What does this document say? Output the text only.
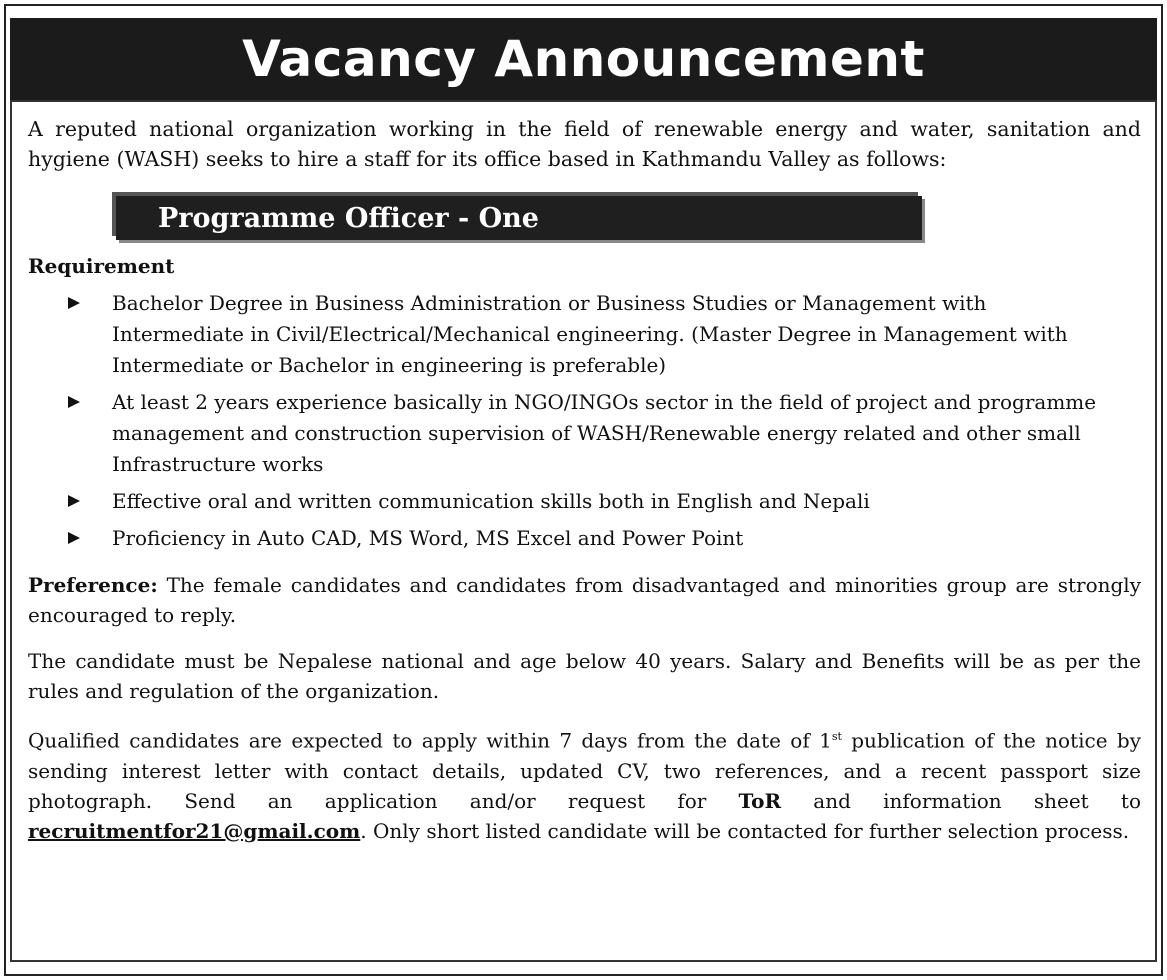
Vacancy Announcement

A reputed national organization working in the field of renewable energy and water, sanitation and hygiene (WASH) seeks to hire a staff for its office based in Kathmandu Valley as follows:

Programme Officer - One
Requirement
Bachelor Degree in Business Administration or Business Studies or Management with Intermediate in Civil/Electrical/Mechanical engineering. (Master Degree in Management with Intermediate or Bachelor in engineering is preferable)
At least 2 years experience basically in NGO/INGOs sector in the field of project and programme management and construction supervision of WASH/Renewable energy related and other small Infrastructure works
Effective oral and written communication skills both in English and Nepali
Proficiency in Auto CAD, MS Word, MS Excel and Power Point

Preference: The female candidates and candidates from disadvantaged and minorities group are strongly encouraged to reply.

The candidate must be Nepalese national and age below 40 years. Salary and Benefits will be as per the rules and regulation of the organization.

Qualified candidates are expected to apply within 7 days from the date of 1st publication of the notice by sending interest letter with contact details, updated CV, two references, and a recent passport size photograph. Send an application and/or request for ToR and information sheet to recruitmentfor21@gmail.com. Only short listed candidate will be contacted for further selection process.
